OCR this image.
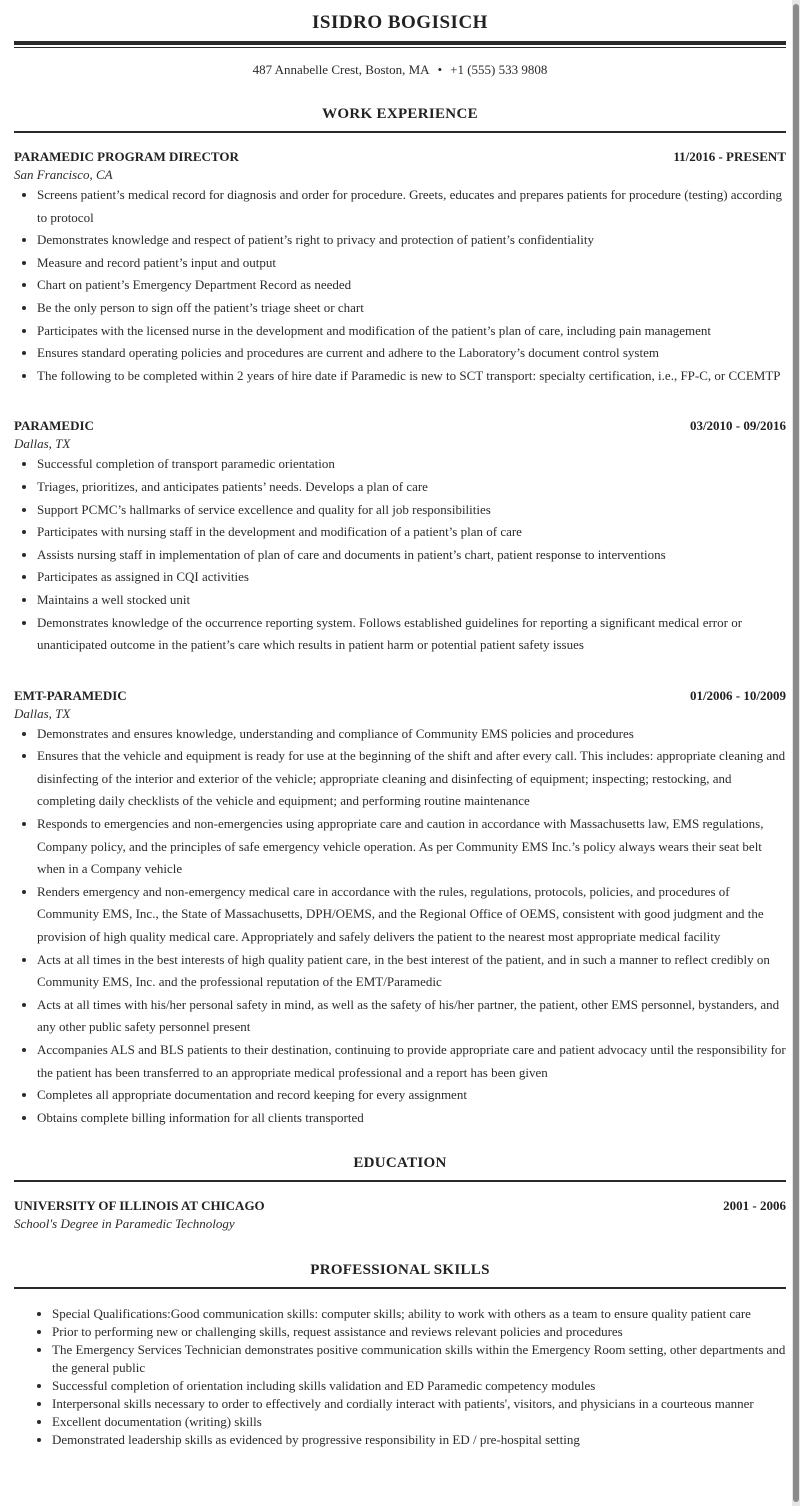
ISIDRO BOGISICH
487 Annabelle Crest, Boston, MA • +1 (555) 533 9808
WORK EXPERIENCE
PARAMEDIC PROGRAM DIRECTOR	11/2016 - PRESENT
San Francisco, CA
• Screens patient’s medical record for diagnosis and order for procedure. Greets, educates and prepares patients for procedure (testing) according to protocol
• Demonstrates knowledge and respect of patient’s right to privacy and protection of patient’s confidentiality
• Measure and record patient’s input and output
• Chart on patient’s Emergency Department Record as needed
• Be the only person to sign off the patient’s triage sheet or chart
• Participates with the licensed nurse in the development and modification of the patient’s plan of care, including pain management
• Ensures standard operating policies and procedures are current and adhere to the Laboratory’s document control system
• The following to be completed within 2 years of hire date if Paramedic is new to SCT transport: specialty certification, i.e., FP-C, or CCEMTP
PARAMEDIC	03/2010 - 09/2016
Dallas, TX
• Successful completion of transport paramedic orientation
• Triages, prioritizes, and anticipates patients’ needs. Develops a plan of care
• Support PCMC’s hallmarks of service excellence and quality for all job responsibilities
• Participates with nursing staff in the development and modification of a patient’s plan of care
• Assists nursing staff in implementation of plan of care and documents in patient’s chart, patient response to interventions
• Participates as assigned in CQI activities
• Maintains a well stocked unit
• Demonstrates knowledge of the occurrence reporting system. Follows established guidelines for reporting a significant medical error or unanticipated outcome in the patient’s care which results in patient harm or potential patient safety issues
EMT-PARAMEDIC	01/2006 - 10/2009
Dallas, TX
• Demonstrates and ensures knowledge, understanding and compliance of Community EMS policies and procedures
• Ensures that the vehicle and equipment is ready for use at the beginning of the shift and after every call. This includes: appropriate cleaning and disinfecting of the interior and exterior of the vehicle; appropriate cleaning and disinfecting of equipment; inspecting; restocking, and completing daily checklists of the vehicle and equipment; and performing routine maintenance
• Responds to emergencies and non-emergencies using appropriate care and caution in accordance with Massachusetts law, EMS regulations, Company policy, and the principles of safe emergency vehicle operation. As per Community EMS Inc.’s policy always wears their seat belt when in a Company vehicle
• Renders emergency and non-emergency medical care in accordance with the rules, regulations, protocols, policies, and procedures of Community EMS, Inc., the State of Massachusetts, DPH/OEMS, and the Regional Office of OEMS, consistent with good judgment and the provision of high quality medical care. Appropriately and safely delivers the patient to the nearest most appropriate medical facility
• Acts at all times in the best interests of high quality patient care, in the best interest of the patient, and in such a manner to reflect credibly on Community EMS, Inc. and the professional reputation of the EMT/Paramedic
• Acts at all times with his/her personal safety in mind, as well as the safety of his/her partner, the patient, other EMS personnel, bystanders, and any other public safety personnel present
• Accompanies ALS and BLS patients to their destination, continuing to provide appropriate care and patient advocacy until the responsibility for the patient has been transferred to an appropriate medical professional and a report has been given
• Completes all appropriate documentation and record keeping for every assignment
• Obtains complete billing information for all clients transported
EDUCATION
UNIVERSITY OF ILLINOIS AT CHICAGO	2001 - 2006
School's Degree in Paramedic Technology
PROFESSIONAL SKILLS
• Special Qualifications:Good communication skills: computer skills; ability to work with others as a team to ensure quality patient care
• Prior to performing new or challenging skills, request assistance and reviews relevant policies and procedures
• The Emergency Services Technician demonstrates positive communication skills within the Emergency Room setting, other departments and the general public
• Successful completion of orientation including skills validation and ED Paramedic competency modules
• Interpersonal skills necessary to order to effectively and cordially interact with patients', visitors, and physicians in a courteous manner
• Excellent documentation (writing) skills
• Demonstrated leadership skills as evidenced by progressive responsibility in ED / pre-hospital setting
